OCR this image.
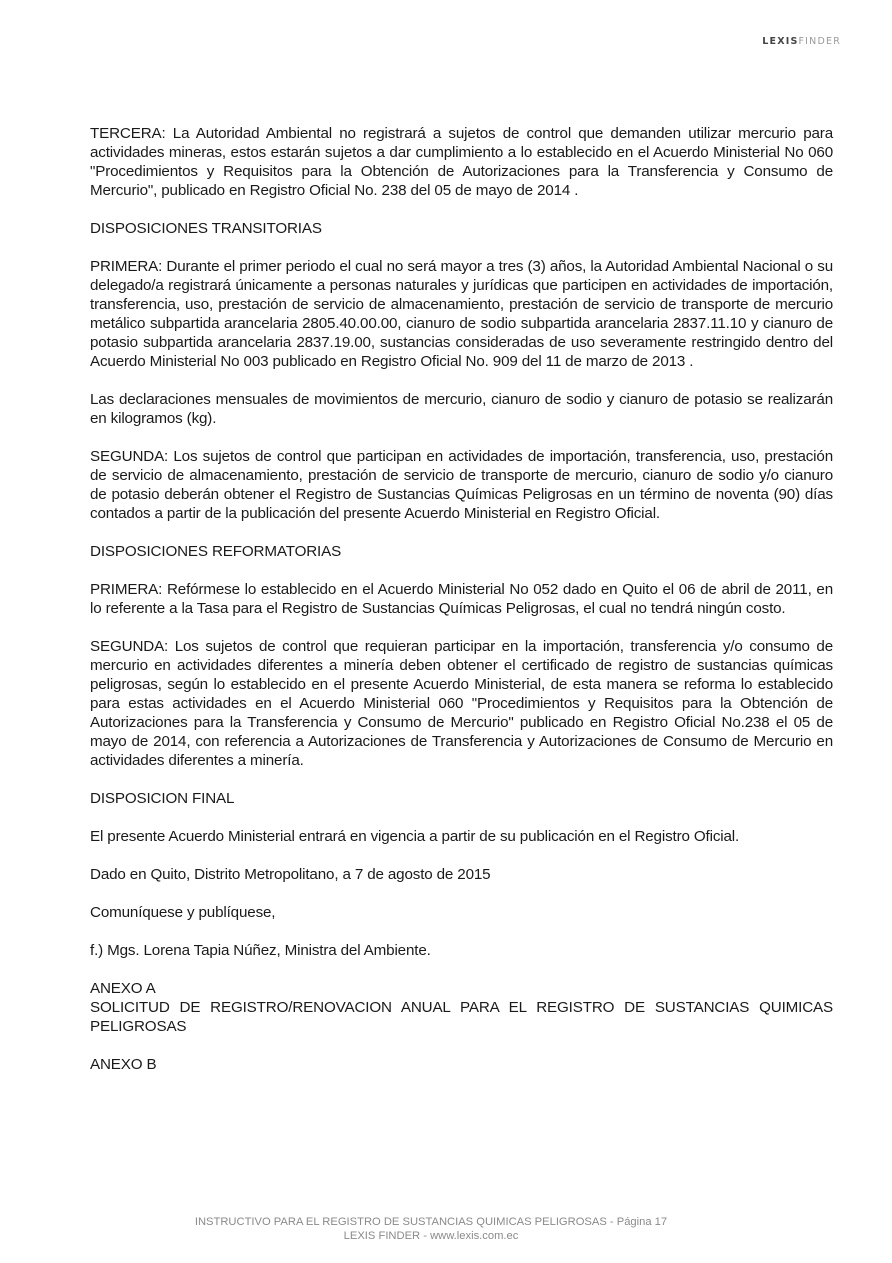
LEXISFINDER

TERCERA: La Autoridad Ambiental no registrará a sujetos de control que demanden utilizar mercurio para actividades mineras, estos estarán sujetos a dar cumplimiento a lo establecido en el Acuerdo Ministerial No 060 "Procedimientos y Requisitos para la Obtención de Autorizaciones para la Transferencia y Consumo de Mercurio", publicado en Registro Oficial No. 238 del 05 de mayo de 2014 .

DISPOSICIONES TRANSITORIAS

PRIMERA: Durante el primer periodo el cual no será mayor a tres (3) años, la Autoridad Ambiental Nacional o su delegado/a registrará únicamente a personas naturales y jurídicas que participen en actividades de importación, transferencia, uso, prestación de servicio de almacenamiento, prestación de servicio de transporte de mercurio metálico subpartida arancelaria 2805.40.00.00, cianuro de sodio subpartida arancelaria 2837.11.10 y cianuro de potasio subpartida arancelaria 2837.19.00, sustancias consideradas de uso severamente restringido dentro del Acuerdo Ministerial No 003 publicado en Registro Oficial No. 909 del 11 de marzo de 2013 .

Las declaraciones mensuales de movimientos de mercurio, cianuro de sodio y cianuro de potasio se realizarán en kilogramos (kg).

SEGUNDA: Los sujetos de control que participan en actividades de importación, transferencia, uso, prestación de servicio de almacenamiento, prestación de servicio de transporte de mercurio, cianuro de sodio y/o cianuro de potasio deberán obtener el Registro de Sustancias Químicas Peligrosas en un término de noventa (90) días contados a partir de la publicación del presente Acuerdo Ministerial en Registro Oficial.

DISPOSICIONES REFORMATORIAS

PRIMERA: Refórmese lo establecido en el Acuerdo Ministerial No 052 dado en Quito el 06 de abril de 2011, en lo referente a la Tasa para el Registro de Sustancias Químicas Peligrosas, el cual no tendrá ningún costo.

SEGUNDA: Los sujetos de control que requieran participar en la importación, transferencia y/o consumo de mercurio en actividades diferentes a minería deben obtener el certificado de registro de sustancias químicas peligrosas, según lo establecido en el presente Acuerdo Ministerial, de esta manera se reforma lo establecido para estas actividades en el Acuerdo Ministerial 060 "Procedimientos y Requisitos para la Obtención de Autorizaciones para la Transferencia y Consumo de Mercurio" publicado en Registro Oficial No.238 el 05 de mayo de 2014, con referencia a Autorizaciones de Transferencia y Autorizaciones de Consumo de Mercurio en actividades diferentes a minería.

DISPOSICION FINAL

El presente Acuerdo Ministerial entrará en vigencia a partir de su publicación en el Registro Oficial.

Dado en Quito, Distrito Metropolitano, a 7 de agosto de 2015

Comuníquese y publíquese,

f.) Mgs. Lorena Tapia Núñez, Ministra del Ambiente.

ANEXO A

SOLICITUD DE REGISTRO/RENOVACION ANUAL PARA EL REGISTRO DE SUSTANCIAS QUIMICAS PELIGROSAS

ANEXO B

INSTRUCTIVO PARA EL REGISTRO DE SUSTANCIAS QUIMICAS PELIGROSAS - Página 17
LEXIS FINDER - www.lexis.com.ec
